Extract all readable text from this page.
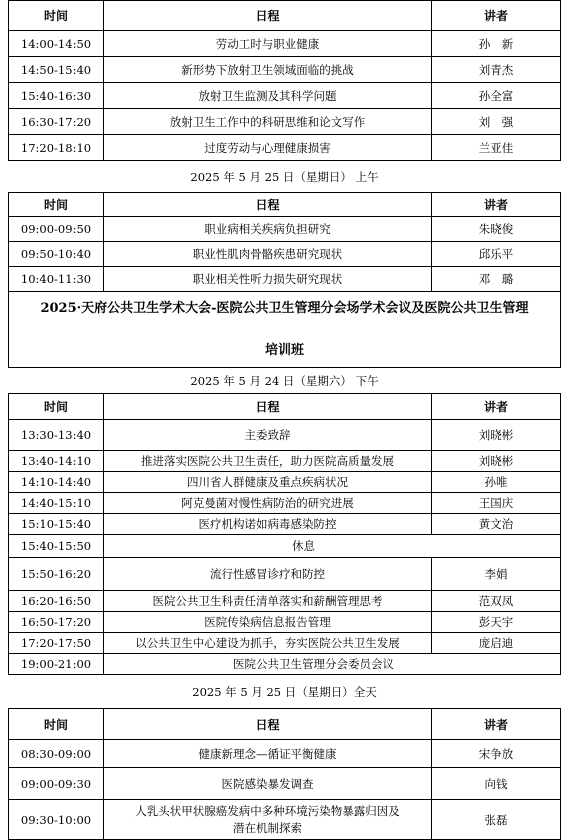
时间	日程	讲者
14:00-14:50	劳动工时与职业健康	孙　新
14:50-15:40	新形势下放射卫生领域面临的挑战	刘青杰
15:40-16:30	放射卫生监测及其科学问题	孙全富
16:30-17:20	放射卫生工作中的科研思维和论文写作	刘　强
17:20-18:10	过度劳动与心理健康损害	兰亚佳
2025 年 5 月 25 日（星期日） 上午		
时间	日程	讲者
09:00-09:50	职业病相关疾病负担研究	朱晓俊
09:50-10:40	职业性肌肉骨骼疾患研究现状	邱乐平
10:40-11:30	职业相关性听力损失研究现状	邓　璐

2025·天府公共卫生学术大会-医院公共卫生管理分会场学术会议及医院公共卫生管理
培训班		

2025 年 5 月 24 日（星期六） 下午		
时间	日程	讲者
13:30-13:40	主委致辞	刘晓彬
13:40-14:10	推进落实医院公共卫生责任，助力医院高质量发展	刘晓彬
14:10-14:40	四川省人群健康及重点疾病状况	孙唯
14:40-15:10	阿克曼菌对慢性病防治的研究进展	王国庆
15:10-15:40	医疗机构诺如病毒感染防控	黄文治
15:40-15:50	休息	
15:50-16:20	流行性感冒诊疗和防控	李娟
16:20-16:50	医院公共卫生科责任清单落实和薪酬管理思考	范双凤
16:50-17:20	医院传染病信息报告管理	彭天宇
17:20-17:50	以公共卫生中心建设为抓手，夯实医院公共卫生发展	庞启迪
19:00-21:00	医院公共卫生管理分会委员会议	
2025 年 5 月 25 日（星期日）全天		
时间	日程	讲者
08:30-09:00	健康新理念—循证平衡健康	宋争放
09:00-09:30	医院感染暴发调查	向钱
09:30-10:00	人乳头状甲状腺癌发病中多种环境污染物暴露归因及
潜在机制探索	张磊
